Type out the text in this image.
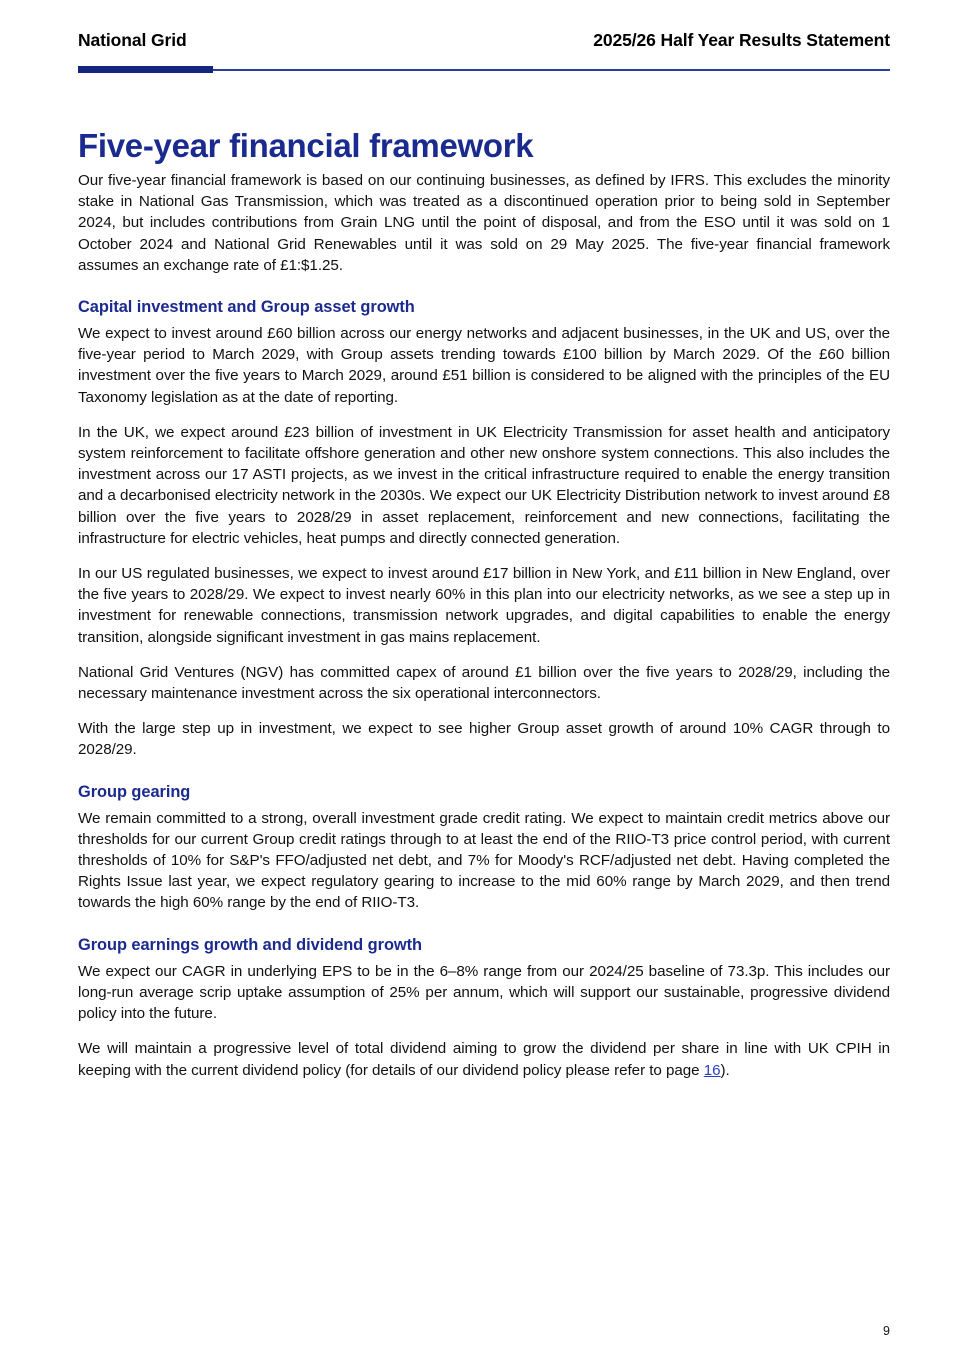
National Grid	2025/26 Half Year Results Statement
Five-year financial framework

Our five-year financial framework is based on our continuing businesses, as defined by IFRS. This excludes the minority stake in National Gas Transmission, which was treated as a discontinued operation prior to being sold in September 2024, but includes contributions from Grain LNG until the point of disposal, and from the ESO until it was sold on 1 October 2024 and National Grid Renewables until it was sold on 29 May 2025. The five-year financial framework assumes an exchange rate of £1:$1.25.

Capital investment and Group asset growth

We expect to invest around £60 billion across our energy networks and adjacent businesses, in the UK and US, over the five-year period to March 2029, with Group assets trending towards £100 billion by March 2029. Of the £60 billion investment over the five years to March 2029, around £51 billion is considered to be aligned with the principles of the EU Taxonomy legislation as at the date of reporting.

In the UK, we expect around £23 billion of investment in UK Electricity Transmission for asset health and anticipatory system reinforcement to facilitate offshore generation and other new onshore system connections. This also includes the investment across our 17 ASTI projects, as we invest in the critical infrastructure required to enable the energy transition and a decarbonised electricity network in the 2030s. We expect our UK Electricity Distribution network to invest around £8 billion over the five years to 2028/29 in asset replacement, reinforcement and new connections, facilitating the infrastructure for electric vehicles, heat pumps and directly connected generation.

In our US regulated businesses, we expect to invest around £17 billion in New York, and £11 billion in New England, over the five years to 2028/29. We expect to invest nearly 60% in this plan into our electricity networks, as we see a step up in investment for renewable connections, transmission network upgrades, and digital capabilities to enable the energy transition, alongside significant investment in gas mains replacement.

National Grid Ventures (NGV) has committed capex of around £1 billion over the five years to 2028/29, including the necessary maintenance investment across the six operational interconnectors.

With the large step up in investment, we expect to see higher Group asset growth of around 10% CAGR through to 2028/29.

Group gearing

We remain committed to a strong, overall investment grade credit rating. We expect to maintain credit metrics above our thresholds for our current Group credit ratings through to at least the end of the RIIO-T3 price control period, with current thresholds of 10% for S&P's FFO/adjusted net debt, and 7% for Moody's RCF/adjusted net debt. Having completed the Rights Issue last year, we expect regulatory gearing to increase to the mid 60% range by March 2029, and then trend towards the high 60% range by the end of RIIO-T3.

Group earnings growth and dividend growth

We expect our CAGR in underlying EPS to be in the 6–8% range from our 2024/25 baseline of 73.3p. This includes our long-run average scrip uptake assumption of 25% per annum, which will support our sustainable, progressive dividend policy into the future.

We will maintain a progressive level of total dividend aiming to grow the dividend per share in line with UK CPIH in keeping with the current dividend policy (for details of our dividend policy please refer to page 16).

9
